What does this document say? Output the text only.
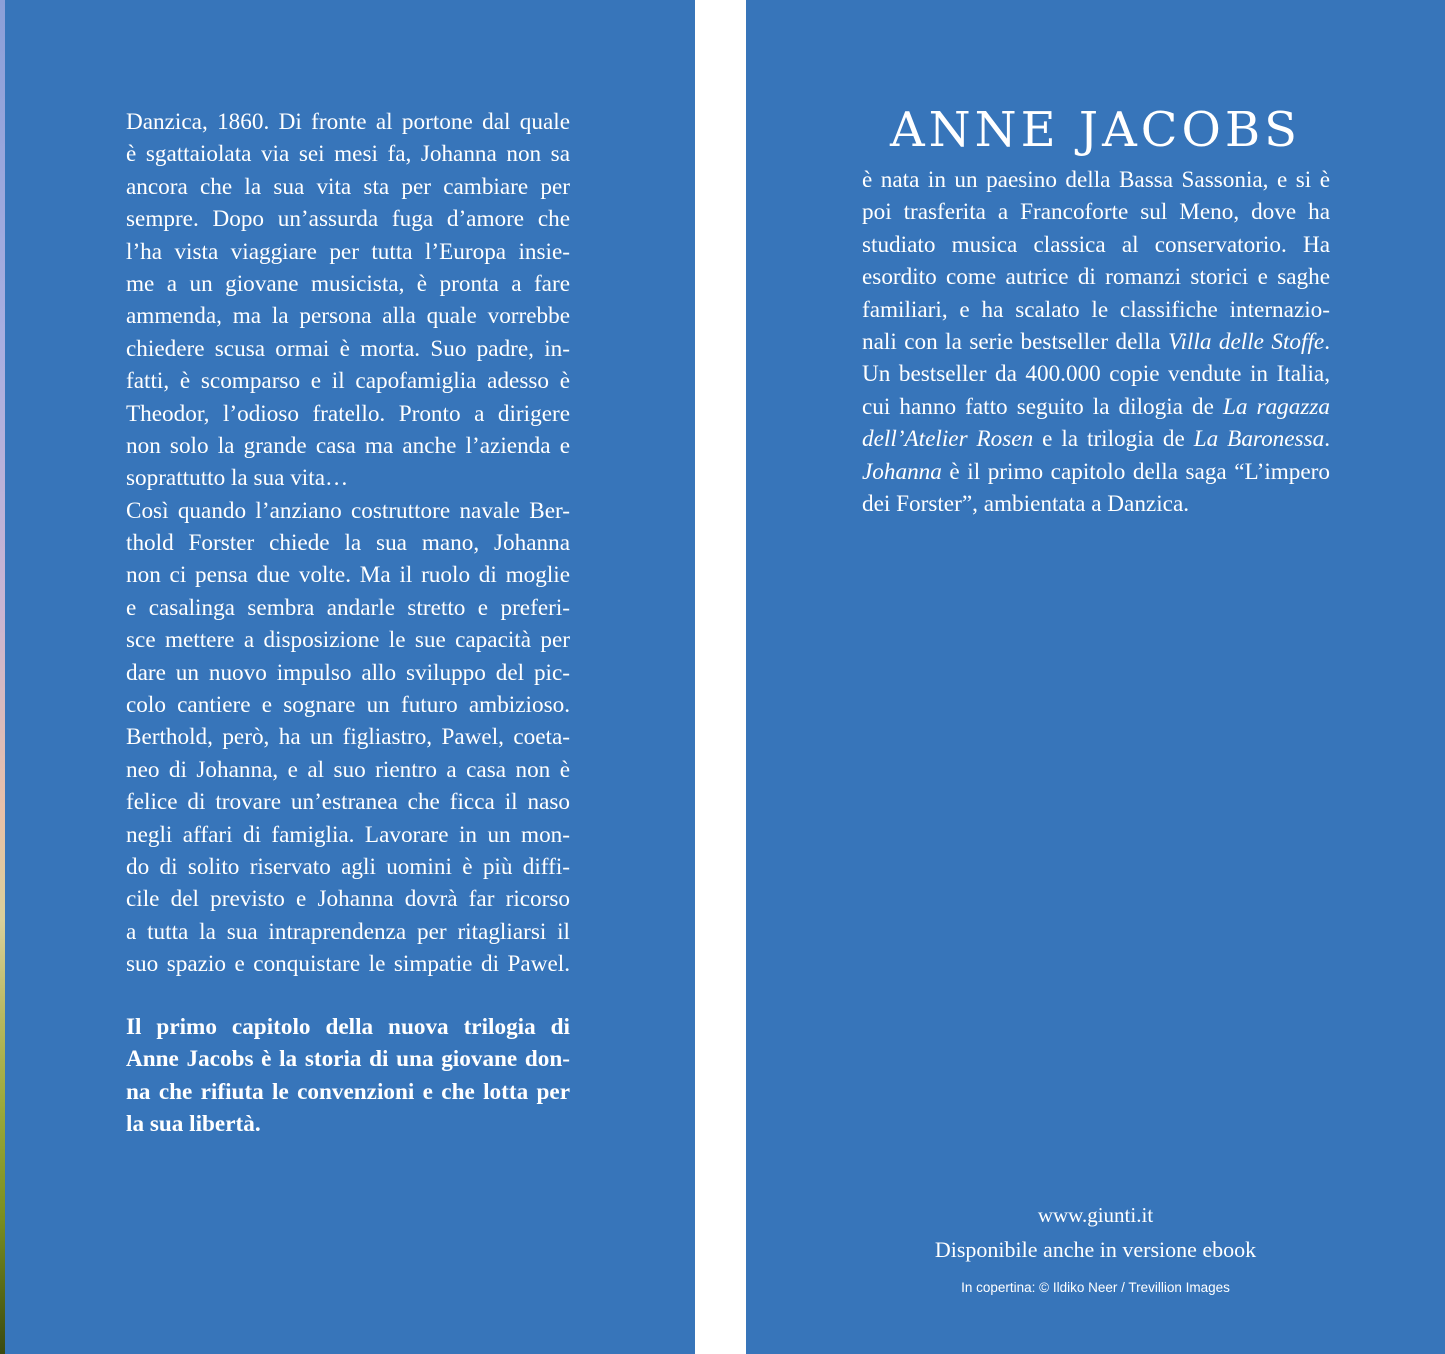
Danzica, 1860. Di fronte al portone dal quale
è sgattaiolata via sei mesi fa, Johanna non sa
ancora che la sua vita sta per cambiare per
sempre. Dopo un’assurda fuga d’amore che
l’ha vista viaggiare per tutta l’Europa insie-
me a un giovane musicista, è pronta a fare
ammenda, ma la persona alla quale vorrebbe
chiedere scusa ormai è morta. Suo padre, in-
fatti, è scomparso e il capofamiglia adesso è
Theodor, l’odioso fratello. Pronto a dirigere
non solo la grande casa ma anche l’azienda e
soprattutto la sua vita…
Così quando l’anziano costruttore navale Ber-
thold Forster chiede la sua mano, Johanna
non ci pensa due volte. Ma il ruolo di moglie
e casalinga sembra andarle stretto e preferi-
sce mettere a disposizione le sue capacità per
dare un nuovo impulso allo sviluppo del pic-
colo cantiere e sognare un futuro ambizioso.
Berthold, però, ha un figliastro, Pawel, coeta-
neo di Johanna, e al suo rientro a casa non è
felice di trovare un’estranea che ficca il naso
negli affari di famiglia. Lavorare in un mon-
do di solito riservato agli uomini è più diffi-
cile del previsto e Johanna dovrà far ricorso
a tutta la sua intraprendenza per ritagliarsi il
suo spazio e conquistare le simpatie di Pawel.
Il primo capitolo della nuova trilogia di
Anne Jacobs è la storia di una giovane don-
na che rifiuta le convenzioni e che lotta per
la sua libertà.
ANNE JACOBS
è nata in un paesino della Bassa Sassonia, e si è
poi trasferita a Francoforte sul Meno, dove ha
studiato musica classica al conservatorio. Ha
esordito come autrice di romanzi storici e saghe
familiari, e ha scalato le classifiche internazio-
nali con la serie bestseller della Villa delle Stoffe.
Un bestseller da 400.000 copie vendute in Italia,
cui hanno fatto seguito la dilogia de La ragazza
dell’Atelier Rosen e la trilogia de La Baronessa.
Johanna è il primo capitolo della saga “L’impero
dei Forster”, ambientata a Danzica.
www.giunti.it
Disponibile anche in versione ebook
In copertina: © Ildiko Neer / Trevillion Images
